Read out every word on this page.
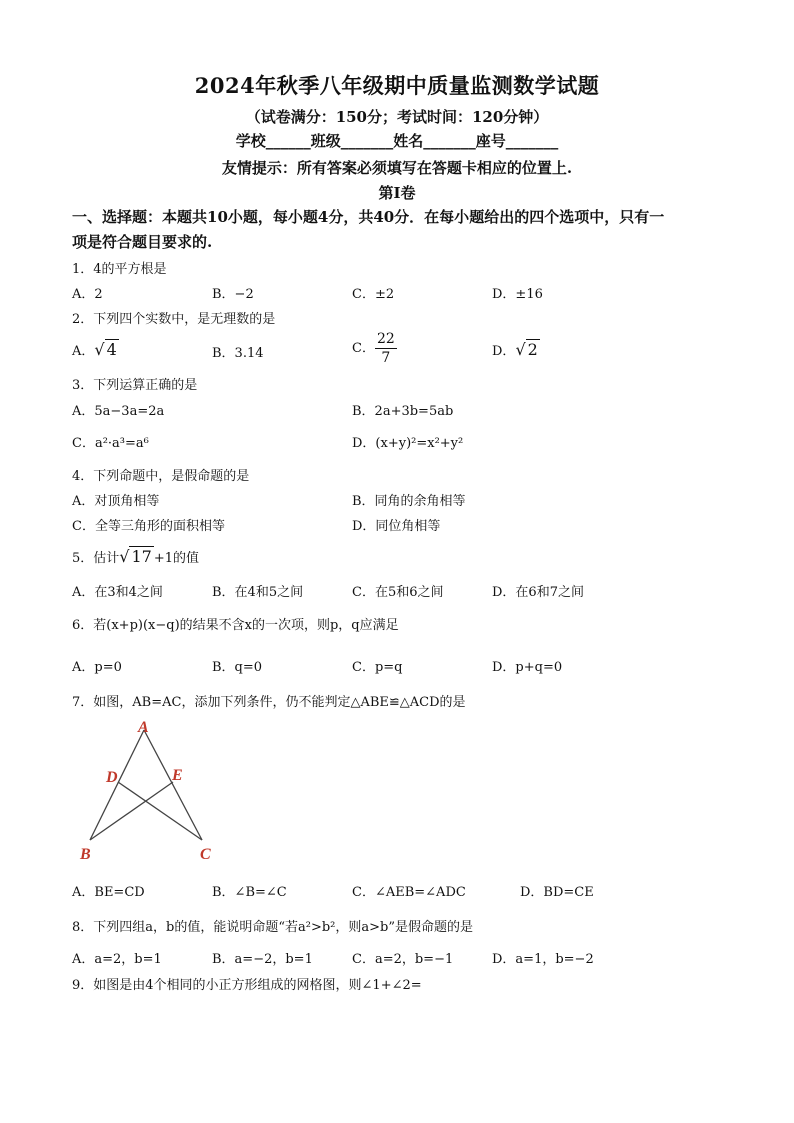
2024年秋季八年级期中质量监测数学试题
（试卷满分：150分；考试时间：120分钟）
学校______班级_______姓名_______座号_______
友情提示：所有答案必须填写在答题卡相应的位置上.
第Ⅰ卷
一、选择题：本题共10小题，每小题4分，共40分．在每小题给出的四个选项中，只有一
项是符合题目要求的.
1．4的平方根是
A．2	B．−2	C．±2	D．±16
2．下列四个实数中，是无理数的是
A．√ 4	B．3.14	C． $\frac{22}{7}$	D．√ 2
3．下列运算正确的是
A．5a−3a=2a	B．2a+3b=5ab
C．a²·a³=a⁶	D．(x+y)²=x²+y²
4．下列命题中，是假命题的是
A．对顶角相等	B．同角的余角相等
C．全等三角形的面积相等	D．同位角相等
5．估计√ 17 +1的值
A．在3和4之间	B．在4和5之间	C．在5和6之间	D．在6和7之间
6．若(x+p)(x−q)的结果不含x的一次项，则p，q应满足
A．p=0	B．q=0	C．p=q	D．p+q=0
7．如图，AB=AC，添加下列条件，仍不能判定△ABE≌△ACD的是
A
D	E
B	C
A．BE=CD	B．∠B=∠C	C．∠AEB=∠ADC	D．BD=CE
8．下列四组a，b的值，能说明命题“若a²>b²，则a>b”是假命题的是
A．a=2，b=1	B．a=−2，b=1	C．a=2，b=−1	D．a=1，b=−2
9．如图是由4个相同的小正方形组成的网格图，则∠1+∠2=
